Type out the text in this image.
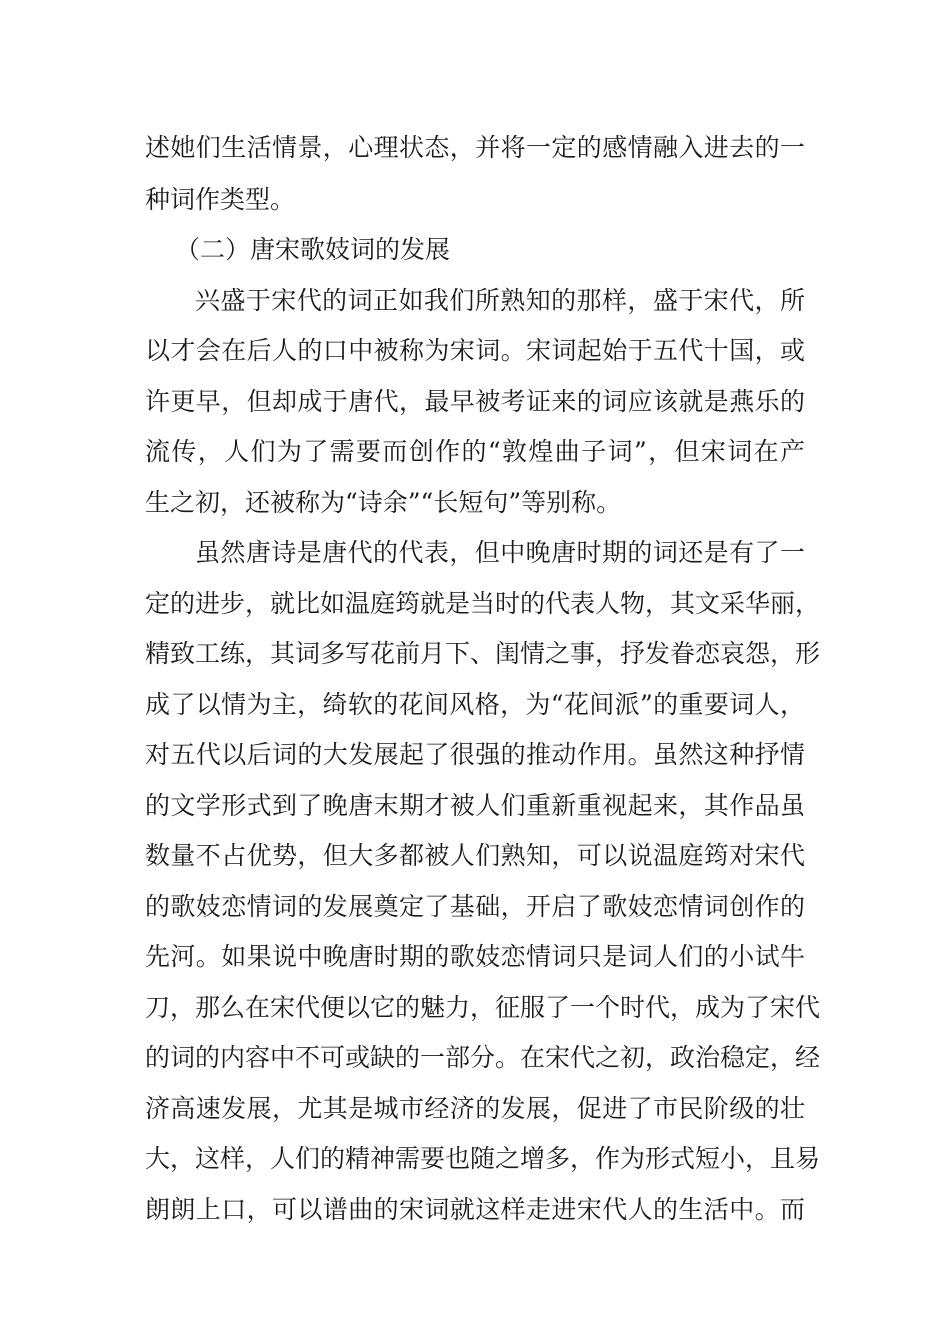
述她们生活情景，心理状态，并将一定的感情融入进去的一
种词作类型。
（二）唐宋歌妓词的发展
兴盛于宋代的词正如我们所熟知的那样，盛于宋代，所
以才会在后人的口中被称为宋词。宋词起始于五代十国，或
许更早，但却成于唐代，最早被考证来的词应该就是燕乐的
流传，人们为了需要而创作的“敦煌曲子词”，但宋词在产
生之初，还被称为“诗余”“长短句”等别称。
虽然唐诗是唐代的代表，但中晚唐时期的词还是有了一
定的进步，就比如温庭筠就是当时的代表人物，其文采华丽，
精致工练，其词多写花前月下、闺情之事，抒发眷恋哀怨，形
成了以情为主，绮软的花间风格，为“花间派”的重要词人，
对五代以后词的大发展起了很强的推动作用。虽然这种抒情
的文学形式到了晚唐末期才被人们重新重视起来，其作品虽
数量不占优势，但大多都被人们熟知，可以说温庭筠对宋代
的歌妓恋情词的发展奠定了基础，开启了歌妓恋情词创作的
先河。如果说中晚唐时期的歌妓恋情词只是词人们的小试牛
刀，那么在宋代便以它的魅力，征服了一个时代，成为了宋代
的词的内容中不可或缺的一部分。在宋代之初，政治稳定，经
济高速发展，尤其是城市经济的发展，促进了市民阶级的壮
大，这样，人们的精神需要也随之增多，作为形式短小，且易
朗朗上口，可以谱曲的宋词就这样走进宋代人的生活中。而
